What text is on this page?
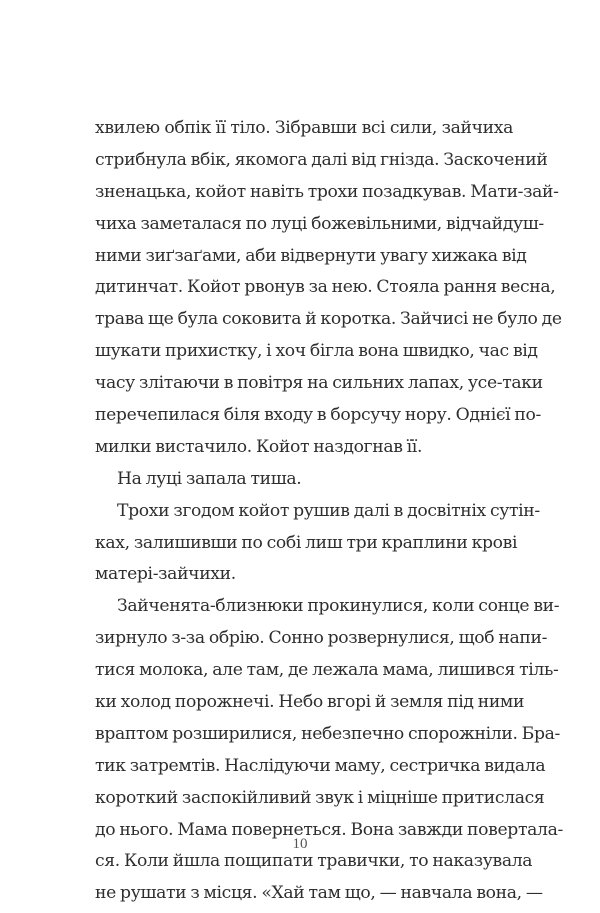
хвилею обпік її тіло. Зібравши всі сили, зайчиха
стрибнула вбік, якомога далі від гнізда. Заскочений
зненацька, койот навіть трохи позадкував. Мати-зай-
чиха заметалася по луці божевільними, відчайдуш-
ними зиґзаґами, аби відвернути увагу хижака від
дитинчат. Койот рвонув за нею. Стояла рання весна,
трава ще була соковита й коротка. Зайчисі не було де
шукати прихистку, і хоч бігла вона швидко, час від
часу злітаючи в повітря на сильних лапах, усе-таки
перечепилася біля входу в борсучу нору. Однієї по-
милки вистачило. Койот наздогнав її.
На луці запала тиша.
Трохи згодом койот рушив далі в досвітніх сутін-
ках, залишивши по собі лиш три краплини крові
матері-зайчихи.
Зайченята-близнюки прокинулися, коли сонце ви-
зирнуло з-за обрію. Сонно розвернулися, щоб напи-
тися молока, але там, де лежала мама, лишився тіль-
ки холод порожнечі. Небо вгорі й земля під ними
враптом розширилися, небезпечно спорожніли. Бра-
тик затремтів. Наслідуючи маму, сестричка видала
короткий заспокійливий звук і міцніше притислася
до нього. Мама повернеться. Вона завжди поверталa-
ся. Коли йшла пощипати травички, то наказувала
не рушати з місця. «Хай там що, — навчала вона, —
10
